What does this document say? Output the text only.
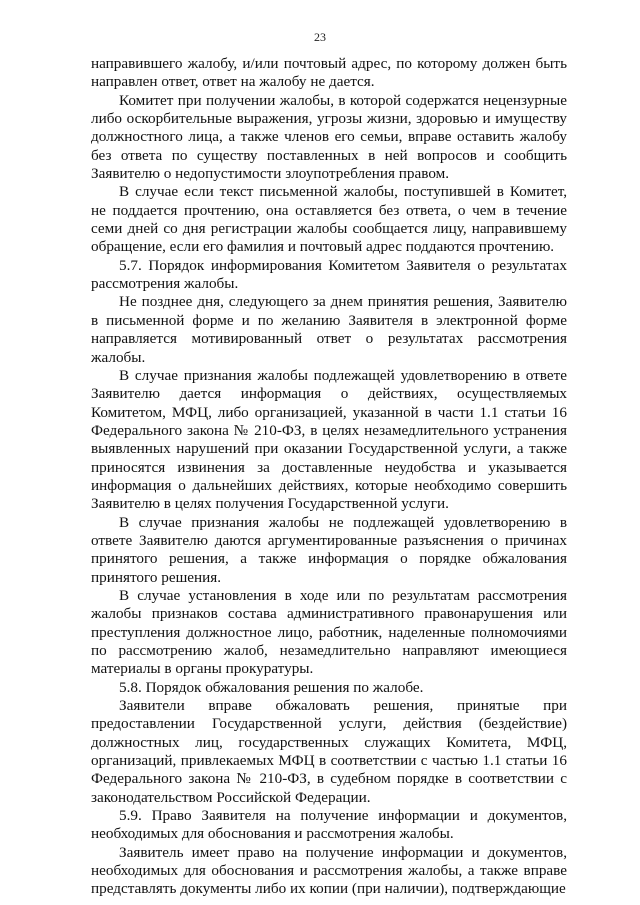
23

направившего жалобу, и/или почтовый адрес, по которому должен быть направлен ответ, ответ на жалобу не дается.

Комитет при получении жалобы, в которой содержатся нецензурные либо оскорбительные выражения, угрозы жизни, здоровью и имуществу должностного лица, а также членов его семьи, вправе оставить жалобу без ответа по существу поставленных в ней вопросов и сообщить Заявителю о недопустимости злоупотребления правом.

В случае если текст письменной жалобы, поступившей в Комитет, не поддается прочтению, она оставляется без ответа, о чем в течение семи дней со дня регистрации жалобы сообщается лицу, направившему обращение, если его фамилия и почтовый адрес поддаются прочтению.

5.7. Порядок информирования Комитетом Заявителя о результатах рассмотрения жалобы.

Не позднее дня, следующего за днем принятия решения, Заявителю в письменной форме и по желанию Заявителя в электронной форме направляется мотивированный ответ о результатах рассмотрения жалобы.

В случае признания жалобы подлежащей удовлетворению в ответе Заявителю дается информация о действиях, осуществляемых Комитетом, МФЦ, либо организацией, указанной в части 1.1 статьи 16 Федерального закона № 210-ФЗ, в целях незамедлительного устранения выявленных нарушений при оказании Государственной услуги, а также приносятся извинения за доставленные неудобства и указывается информация о дальнейших действиях, которые необходимо совершить Заявителю в целях получения Государственной услуги.

В случае признания жалобы не подлежащей удовлетворению в ответе Заявителю даются аргументированные разъяснения о причинах принятого решения, а также информация о порядке обжалования принятого решения.

В случае установления в ходе или по результатам рассмотрения жалобы признаков состава административного правонарушения или преступления должностное лицо, работник, наделенные полномочиями по рассмотрению жалоб, незамедлительно направляют имеющиеся материалы в органы прокуратуры.

5.8. Порядок обжалования решения по жалобе.

Заявители вправе обжаловать решения, принятые при предоставлении Государственной услуги, действия (бездействие) должностных лиц, государственных служащих Комитета, МФЦ, организаций, привлекаемых МФЦ в соответствии с частью 1.1 статьи 16 Федерального закона № 210-ФЗ, в судебном порядке в соответствии с законодательством Российской Федерации.

5.9. Право Заявителя на получение информации и документов, необходимых для обоснования и рассмотрения жалобы.

Заявитель имеет право на получение информации и документов, необходимых для обоснования и рассмотрения жалобы, а также вправе представлять документы либо их копии (при наличии), подтверждающие
